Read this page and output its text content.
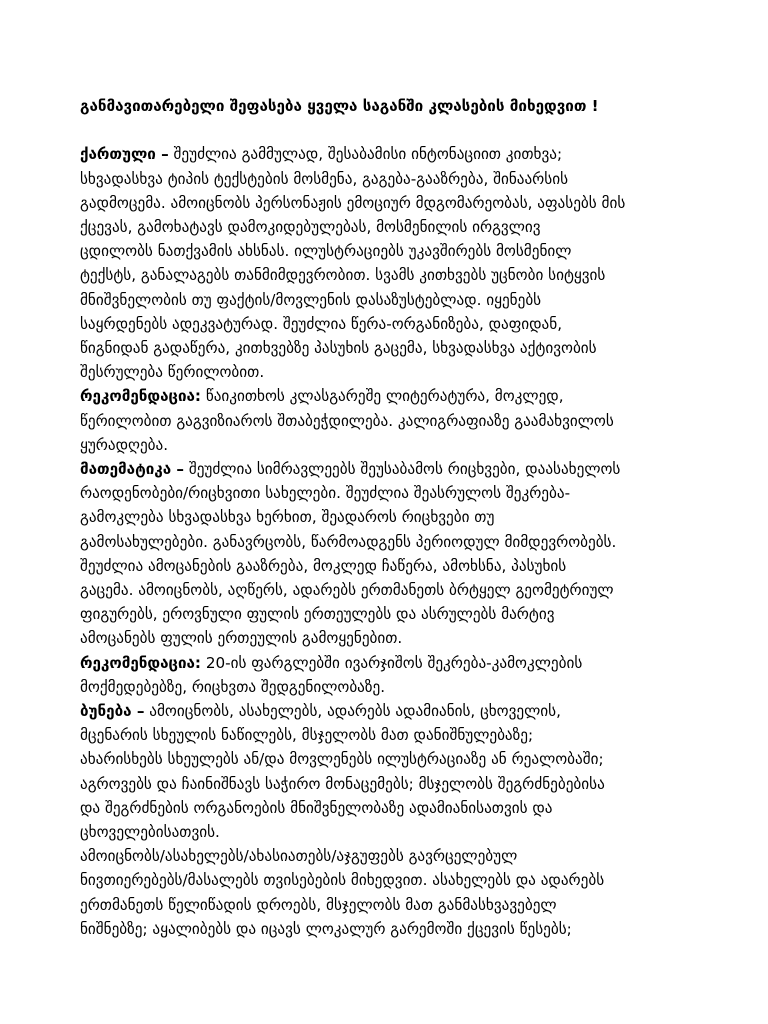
განმავითარებელი შეფასება ყველა საგანში კლასების მიხედვით !

ქართული – შეუძლია გამმულად, შესაბამისი ინტონაციით კითხვა;

სხვადასხვა ტიპის ტექსტების მოსმენა, გაგება-გააზრება, შინაარსის

გადმოცემა. ამოიცნობს პერსონაჟის ემოციურ მდგომარეობას, აფასებს მის

ქცევას, გამოხატავს დამოკიდებულებას, მოსმენილის ირგვლივ

ცდილობს ნათქვამის ახსნას. ილუსტრაციებს უკავშირებს მოსმენილ

ტექსტს, განალაგებს თანმიმდევრობით. სვამს კითხვებს უცნობი სიტყვის

მნიშვნელობის თუ ფაქტის/მოვლენის დასაზუსტებლად. იყენებს

საყრდენებს ადეკვატურად. შეუძლია წერა-ორგანიზება, დაფიდან,

წიგნიდან გადაწერა, კითხვებზე პასუხის გაცემა, სხვადასხვა აქტივობის

შესრულება წერილობით.

რეკომენდაცია: წაიკითხოს კლასგარეშე ლიტერატურა, მოკლედ,

წერილობით გაგვიზიაროს შთაბეჭდილება. კალიგრაფიაზე გაამახვილოს

ყურადღება.

მათემატიკა – შეუძლია სიმრავლეებს შეუსაბამოს რიცხვები, დაასახელოს

რაოდენობები/რიცხვითი სახელები. შეუძლია შეასრულოს შეკრება-

გამოკლება სხვადასხვა ხერხით, შეადაროს რიცხვები თუ

გამოსახულებები. განავრცობს, წარმოადგენს პერიოდულ მიმდევრობებს.

შეუძლია ამოცანების გააზრება, მოკლედ ჩაწერა, ამოხსნა, პასუხის

გაცემა. ამოიცნობს, აღწერს, ადარებს ერთმანეთს ბრტყელ გეომეტრიულ

ფიგურებს, ეროვნული ფულის ერთეულებს და ასრულებს მარტივ

ამოცანებს ფულის ერთეულის გამოყენებით.

რეკომენდაცია: 20-ის ფარგლებში ივარჯიშოს შეკრება-კამოკლების

მოქმედებებზე, რიცხვთა შედგენილობაზე.

ბუნება – ამოიცნობს, ასახელებს, ადარებს ადამიანის, ცხოველის,

მცენარის სხეულის ნაწილებს, მსჯელობს მათ დანიშნულებაზე;

ახარისხებს სხეულებს ან/და მოვლენებს ილუსტრაციაზე ან რეალობაში;

აგროვებს და ჩაინიშნავს საჭირო მონაცემებს; მსჯელობს შეგრძნებებისა

და შეგრძნების ორგანოების მნიშვნელობაზე ადამიანისათვის და

ცხოველებისათვის.

ამოიცნობს/ასახელებს/ახასიათებს/აჯგუფებს გავრცელებულ

ნივთიერებებს/მასალებს თვისებების მიხედვით. ასახელებს და ადარებს

ერთმანეთს წელიწადის დროებს, მსჯელობს მათ განმასხვავებელ

ნიშნებზე; აყალიბებს და იცავს ლოკალურ გარემოში ქცევის წესებს;
